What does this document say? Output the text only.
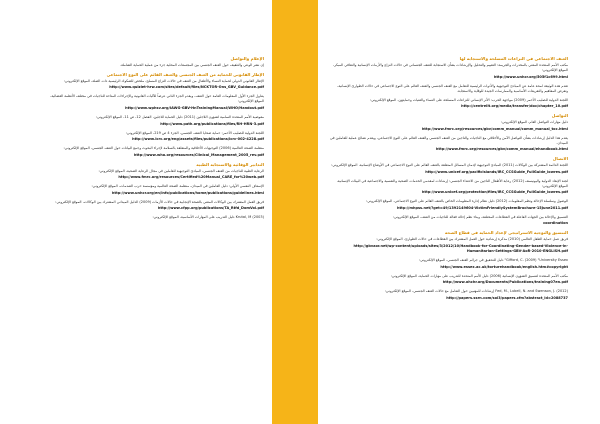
104 105
ي
ي
العنف الاجتماعي في النزاعات المسلحة والاستجابة لها
مكتب الأمم المتحدة المعني بالمخدرات والجريمة: التقييم والتحليل والإرشادات بشأن الاستجابة للعنف الجنساني في حالات النزاع والأزمات الإنسانية والتعافي المبكر، الموقع الإلكتروني:
http://www.unhcr.org/505f1c699.html
تقدم هذه الوثيقة لمحة عامة عن المبادئ التوجيهية والأدوات الرئيسية للتعامل مع العنف الجنسي والعنف القائم على النوع الاجتماعي في حالات الطوارئ الإنسانية، وتعرض المفاهيم والتعريفات الأساسية والممارسات الجيدة للوقاية والاستجابة.
اللجنة الدولية للصليب الأحمر (2009) مواجهة الحرب: الأثر الإنساني للنزاعات المسلحة على النساء والفتيات وحمايتهن، الموقع الإلكتروني:
http://centrelit.org/media/transfer/doc/chapter_10.pdf
التواصل
دليل مهارات التواصل العام، الموقع الإلكتروني:
http://www.fmrc.org/resources/gbv/comm_manual/comm_manual_toc.html
يقدم هذا الدليل إرشادات بشأن التواصل الآمن والأخلاقي مع الناجيات والناجين من العنف الجنسي والعنف القائم على النوع الاجتماعي، ويقدم نصائح عملية للعاملين في الميدان.
http://www.fmrc.org/resources/gbv/comm_manual/ehandbook.html
الاتصال
اللجنة الدائمة المشتركة بين الوكالات (2011) المبادئ التوجيهية لإدمان المسائل المتعلقة بالعنف القائم على النوع الاجتماعي في الأوضاع الإنسانية، الموقع الإلكتروني:
http://www.unicef.org/pacificislands/IRC_CCSGuide_FullGuide_lowres.pdf
لجنة الإنقاذ الدولية واليونيسف (2012) رعاية الأطفال الناجين من الاعتداء الجنسي: إرشادات لمقدمي الخدمات الصحية والنفسية والاجتماعية في البيئات الإنسانية، الموقع الإلكتروني:
http://www.unicef.org/protection/files/IRC_CCSGuide_FullGuide_lowres.pdf
الوصول وسلسلة الإحالة ونظم المعلومات (2012) دليل نظام إدارة المعلومات الخاص بالعنف القائم على النوع الاجتماعي، الموقع الإلكتروني:
http://mhpss.net/?get=49/1392149604-VictimFriendlySystemBrochure-15June2011.pdf
التنسيق والإحالة بين الجهات الفاعلة في القطاعات المختلفة، وبناء نظم إحالة فعالة للناجيات من العنف، الموقع الإلكتروني:
coordination
التنسيق والتوجيه الاستراتيجي لإعداد الحماية في قطاع الصحة
فريق عمل حماية الطفل العالمي (2010) مذكرة إرشادية حول العمل المشترك بين القطاعات في حالات الطوارئ، الموقع الإلكتروني:
http://gbvaor.net/wp-content/uploads/sites/3/2012/10/Handbook-for-Coordinating-Gender-based-Violence-in-Humanitarian-Settings-GBV-AoR-2010-ENGLISH.pdf
Gifford, C. (2009) "University Essex" دليل للتحقيق في جرائم العنف الجنسي، الموقع الإلكتروني:
http://www.essex.ac.uk/torturehandbook/english.htm#copyright
مكتب الأمم المتحدة لتنسيق الشؤون الإنسانية (2006) دليل الأمم المتحدة للتدريب على مهارات الحماية، الموقع الإلكتروني:
http://www.ohchr.org/Documents/Publications/training07en.pdf
Fed, M., Lubell, N. and Swenson, J. (2012) إرشادات للمهنيين حول التعامل مع حالات العنف الجنسي، الموقع الإلكتروني:
http://papers.ssrn.com/sol3/papers.cfm?abstract_id=2088737
الإعلام والتواصل
إن نشر الوعي والتثقيف حول العنف الجنسي بين المجتمعات المحلية جزء من عملية الحماية الشاملة.
الإطار القانوني للحماية من العنف الجنسي والعنف القائم على النوع الاجتماعي
الإطار القانوني الدولي لحماية النساء والأطفال من العنف في حالات النزاع المسلح، ملخص للصكوك الرئيسية ذات الصلة، الموقع الإلكتروني:
http://www.quizlet-hrw.com/sites/default/files/NCKTOR-Ons_GBV_Guidance.pdf
يتناول الجزء الأول المعلومات العامة حول العنف، ويقدم الجزء الثاني عرضاً للآليات القانونية والإجراءات المتاحة للناجيات في مختلف الأنظمة القضائية، الموقع الإلكتروني:
http://www.wphsv.org/IAWG-GBV-HnTrainingManual/WHO/Handout.pdf
مفوضية الأمم المتحدة السامية لشؤون اللاجئين (2011) دليل الحماية للاجئين، الفصل 12، ص 11، الموقع الإلكتروني:
http://www.path.org/publications/files/RH-HRN-3.pdf
اللجنة الدولية للصليب الأحمر: حماية ضحايا العنف الجنسي، الجزء 4 ص 219، الموقع الإلكتروني:
http://www.icrc.org/eng/assets/files/publications/icrc-002-4228.pdf
منظمة الصحة العالمية (2006) التوجيهات الأخلاقية والمتعلقة بالسلامة لإجراء البحوث وجمع البيانات حول العنف الجنسي، الموقع الإلكتروني:
http://www.who.org/resources/Clinical_Management_2005_rev.pdf
التدابير الوقائية والاستجابة الطبية
الرعاية الطبية للناجيات من العنف الجنسي، المبادئ التوجيهية للعاملين في مجال الرعاية الصحية، الموقع الإلكتروني:
http://www.fmrc.org/resources/Certified%20Manual_CARE_for%20web.pdf
الإسعاف النفسي الأولي: دليل العاملين في الميدان، منظمة الصحة العالمية ومؤسسة حرب الصدمات، الموقع الإلكتروني:
http://www.unhcr.org/en/info/publications/home/publications/guidelines.html
فريق العمل المشترك بين الوكالات المعني بالصحة الإنجابية في حالات الأزمات (2009) الدليل الميداني المشترك بين الوكالات، الموقع الإلكتروني:
http://www.cfpp.org/publications/TA_Rtfd_DomVol.pdf
Krutal, M (2003) دليل التدريب على المهارات الأساسية، الموقع الإلكتروني:
